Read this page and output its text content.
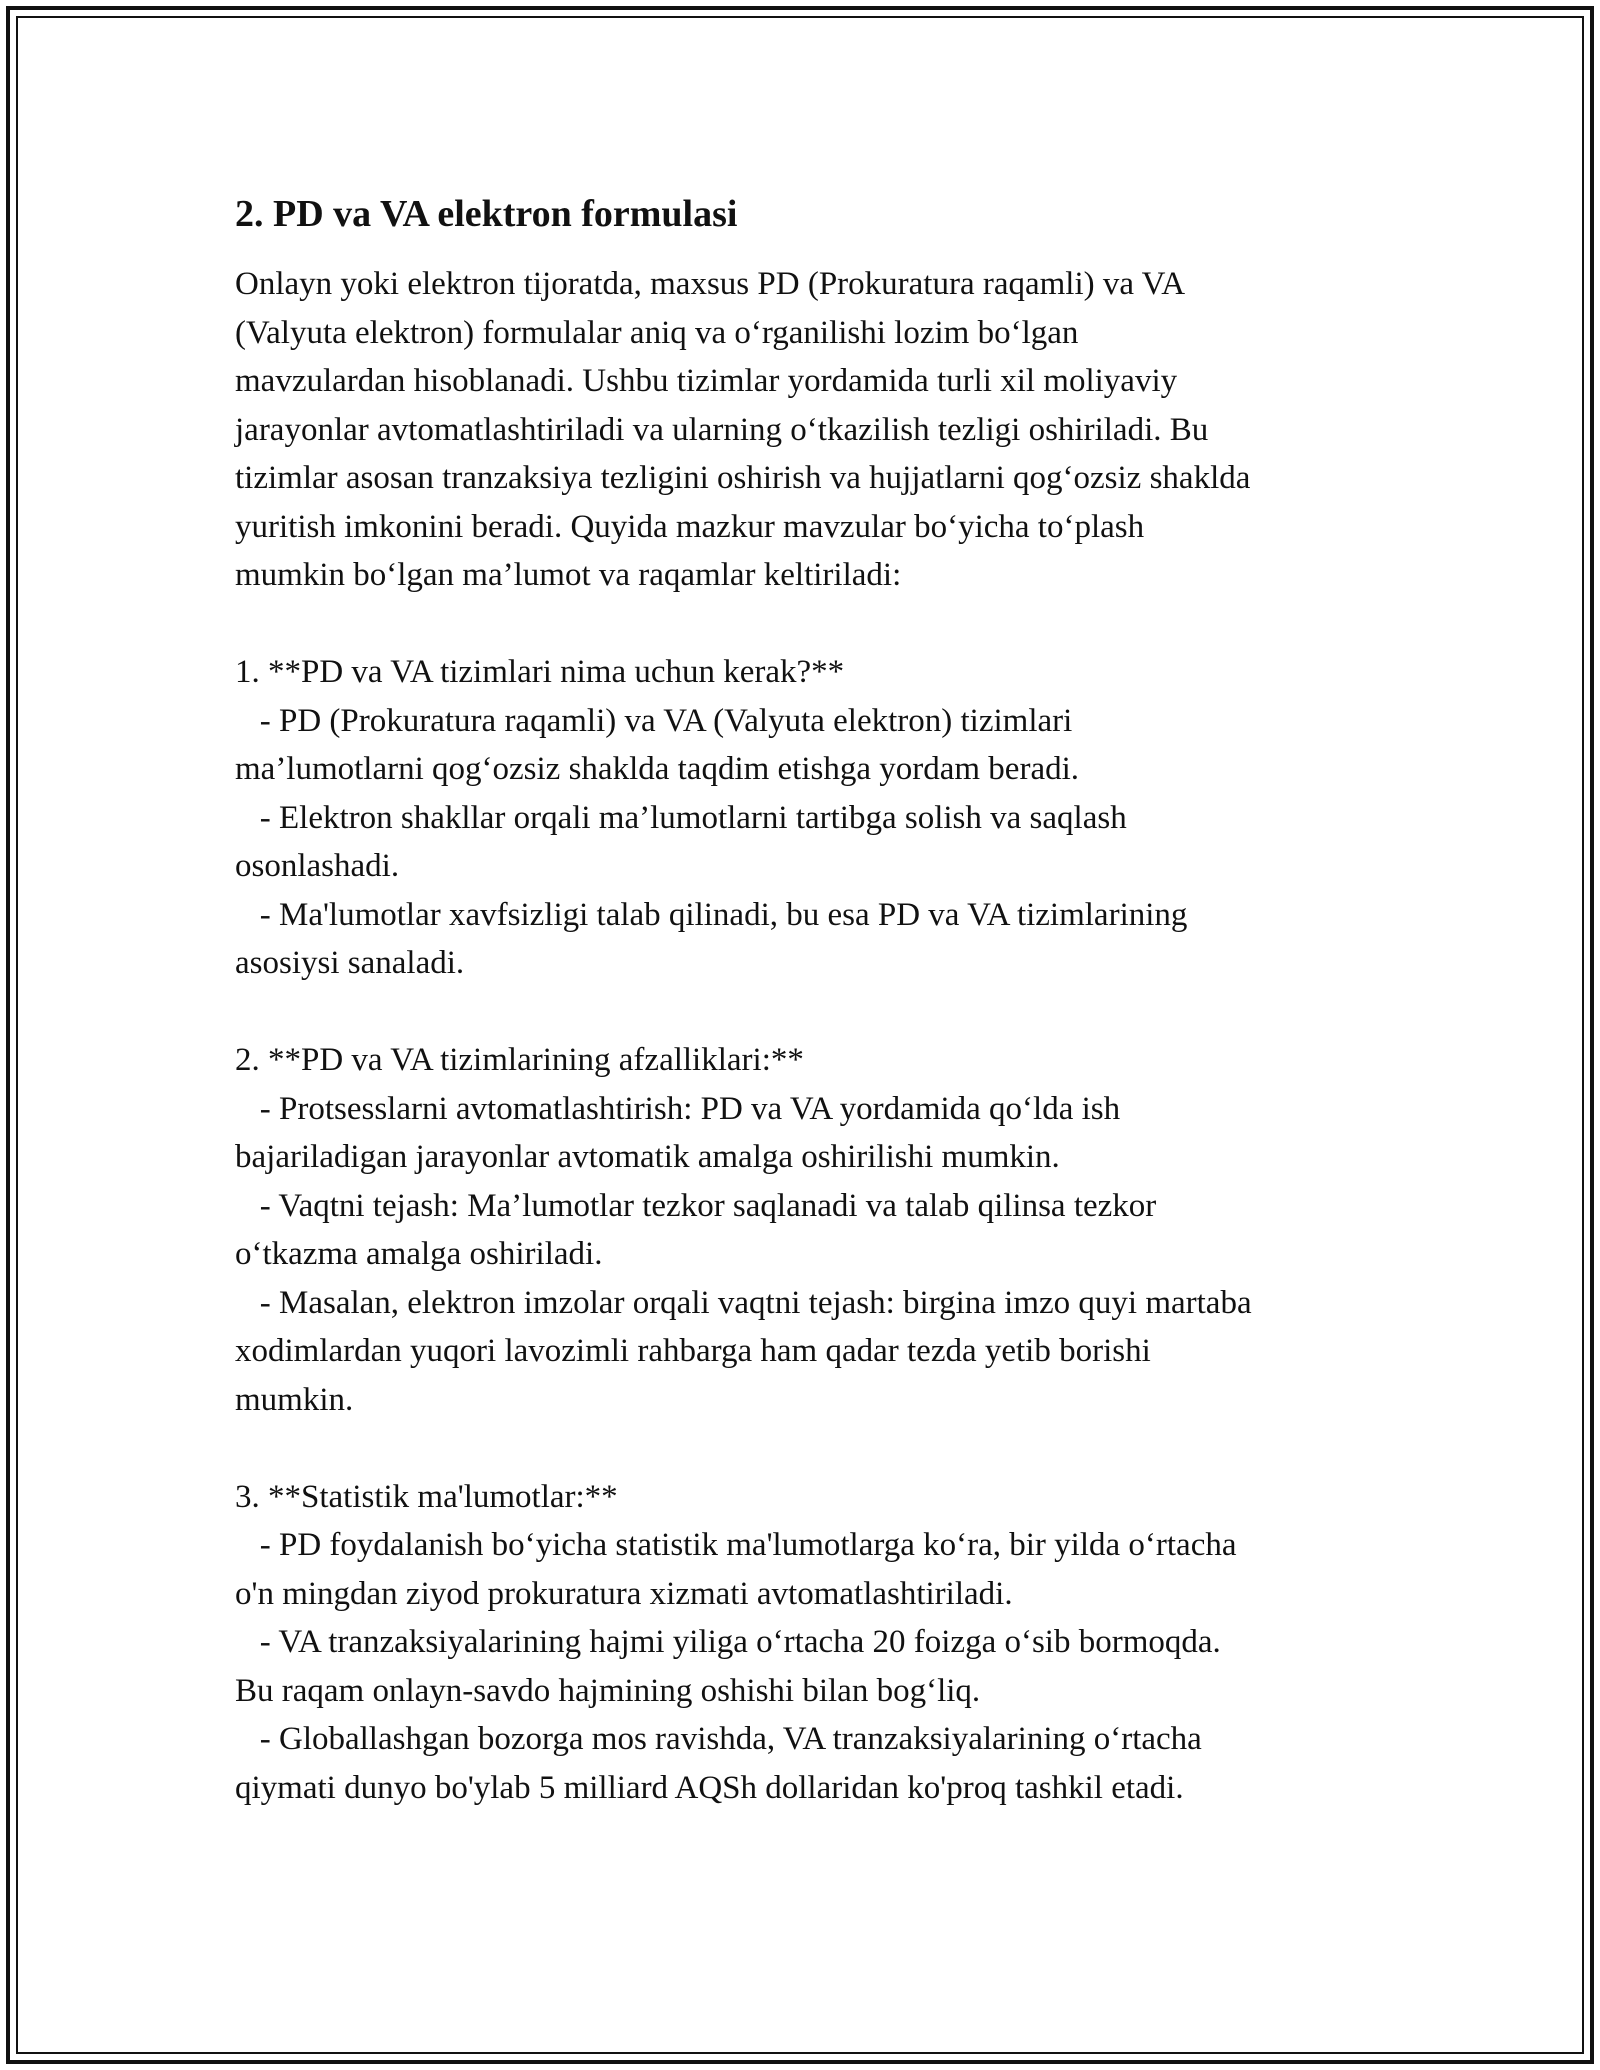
2. PD va VA elektron formulasi
Onlayn yoki elektron tijoratda, maxsus PD (Prokuratura raqamli) va VA
(Valyuta elektron) formulalar aniq va o‘rganilishi lozim bo‘lgan
mavzulardan hisoblanadi. Ushbu tizimlar yordamida turli xil moliyaviy
jarayonlar avtomatlashtiriladi va ularning o‘tkazilish tezligi oshiriladi. Bu
tizimlar asosan tranzaksiya tezligini oshirish va hujjatlarni qog‘ozsiz shaklda
yuritish imkonini beradi. Quyida mazkur mavzular bo‘yicha to‘plash
mumkin bo‘lgan ma’lumot va raqamlar keltiriladi:
1. **PD va VA tizimlari nima uchun kerak?**
- PD (Prokuratura raqamli) va VA (Valyuta elektron) tizimlari
ma’lumotlarni qog‘ozsiz shaklda taqdim etishga yordam beradi.
- Elektron shakllar orqali ma’lumotlarni tartibga solish va saqlash
osonlashadi.
- Ma'lumotlar xavfsizligi talab qilinadi, bu esa PD va VA tizimlarining
asosiysi sanaladi.
2. **PD va VA tizimlarining afzalliklari:**
- Protsesslarni avtomatlashtirish: PD va VA yordamida qo‘lda ish
bajariladigan jarayonlar avtomatik amalga oshirilishi mumkin.
- Vaqtni tejash: Ma’lumotlar tezkor saqlanadi va talab qilinsa tezkor
o‘tkazma amalga oshiriladi.
- Masalan, elektron imzolar orqali vaqtni tejash: birgina imzo quyi martaba
xodimlardan yuqori lavozimli rahbarga ham qadar tezda yetib borishi
mumkin.
3. **Statistik ma'lumotlar:**
- PD foydalanish bo‘yicha statistik ma'lumotlarga ko‘ra, bir yilda o‘rtacha
o'n mingdan ziyod prokuratura xizmati avtomatlashtiriladi.
- VA tranzaksiyalarining hajmi yiliga o‘rtacha 20 foizga o‘sib bormoqda.
Bu raqam onlayn-savdo hajmining oshishi bilan bog‘liq.
- Globallashgan bozorga mos ravishda, VA tranzaksiyalarining o‘rtacha
qiymati dunyo bo'ylab 5 milliard AQSh dollaridan ko'proq tashkil etadi.
